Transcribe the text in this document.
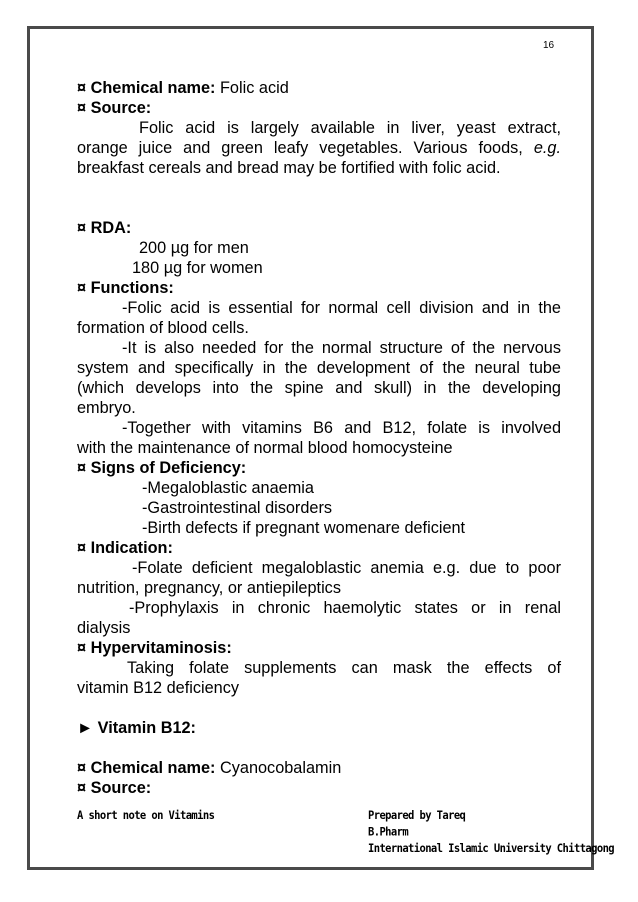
16
¤ Chemical name: Folic acid
¤ Source:
Folic acid is largely available in liver, yeast extract,
orange juice and green leafy vegetables. Various foods, e.g.
breakfast cereals and bread may be fortified with folic acid.
¤ RDA:
200 µg for men
180 µg for women
¤ Functions:
-Folic acid is essential for normal cell division and in the
formation of blood cells.
-It is also needed for the normal structure of the nervous
system and specifically in the development of the neural tube
(which develops into the spine and skull) in the developing
embryo.
-Together with vitamins B6 and B12, folate is involved
with the maintenance of normal blood homocysteine
¤ Signs of Deficiency:
-Megaloblastic anaemia
-Gastrointestinal disorders
-Birth defects if pregnant womenare deficient
¤ Indication:
-Folate deficient megaloblastic anemia e.g. due to poor
nutrition, pregnancy, or antiepileptics
-Prophylaxis in chronic haemolytic states or in renal
dialysis
¤ Hypervitaminosis:
Taking folate supplements can mask the effects of
vitamin B12 deficiency
► Vitamin B12:
¤ Chemical name: Cyanocobalamin
¤ Source:
A short note on Vitamins	Prepared by Tareq
B.Pharm
International Islamic University Chittagong
